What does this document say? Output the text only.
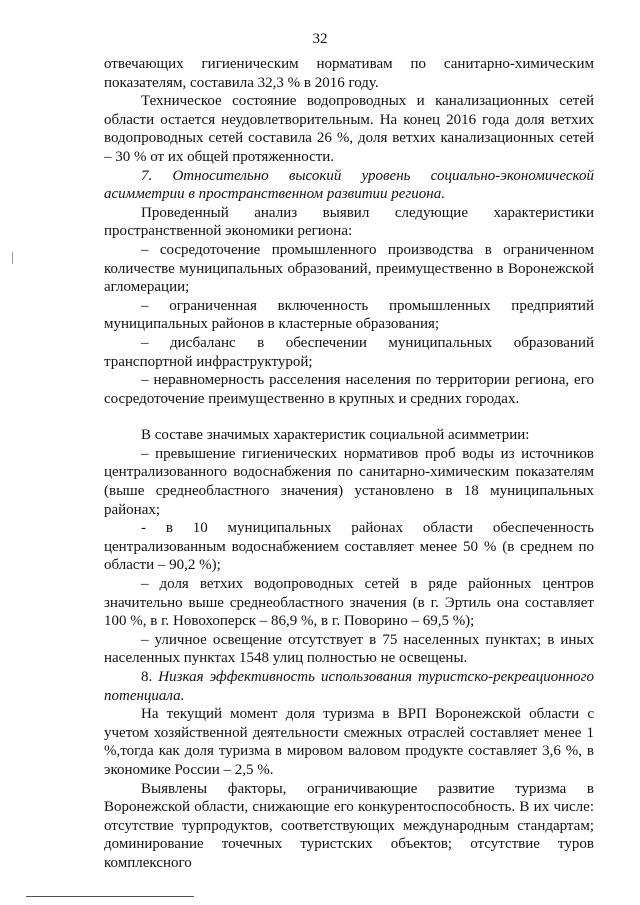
32

отвечающих гигиеническим нормативам по санитарно-химическим показателям, составила 32,3 % в 2016 году.

Техническое состояние водопроводных и канализационных сетей области остается неудовлетворительным. На конец 2016 года доля ветхих водопроводных сетей составила 26 %, доля ветхих канализационных сетей – 30 % от их общей протяженности.

7. Относительно высокий уровень социально-экономической асимметрии в пространственном развитии региона.

Проведенный анализ выявил следующие характеристики пространственной экономики региона:

– сосредоточение промышленного производства в ограниченном количестве муниципальных образований, преимущественно в Воронежской агломерации;

– ограниченная включенность промышленных предприятий муниципальных районов в кластерные образования;

– дисбаланс в обеспечении муниципальных образований транспортной инфраструктурой;

– неравномерность расселения населения по территории региона, его сосредоточение преимущественно в крупных и средних городах.

В составе значимых характеристик социальной асимметрии:

– превышение гигиенических нормативов проб воды из источников централизованного водоснабжения по санитарно-химическим показателям (выше среднеобластного значения) установлено в 18 муниципальных районах;

- в 10 муниципальных районах области обеспеченность централизованным водоснабжением составляет менее 50 % (в среднем по области – 90,2 %);

– доля ветхих водопроводных сетей в ряде районных центров значительно выше среднеобластного значения (в г. Эртиль она составляет 100 %, в г. Новохоперск – 86,9 %, в г. Поворино – 69,5 %);

– уличное освещение отсутствует в 75 населенных пунктах; в иных населенных пунктах 1548 улиц полностью не освещены.

8. Низкая эффективность использования туристско-рекреационного потенциала.

На текущий момент доля туризма в ВРП Воронежской области с учетом хозяйственной деятельности смежных отраслей составляет менее 1 %,тогда как доля туризма в мировом валовом продукте составляет 3,6 %, в экономике России – 2,5 %.

Выявлены факторы, ограничивающие развитие туризма в Воронежской области, снижающие его конкурентоспособность. В их числе: отсутствие турпродуктов, соответствующих международным стандартам; доминирование точечных туристских объектов; отсутствие туров комплексного
